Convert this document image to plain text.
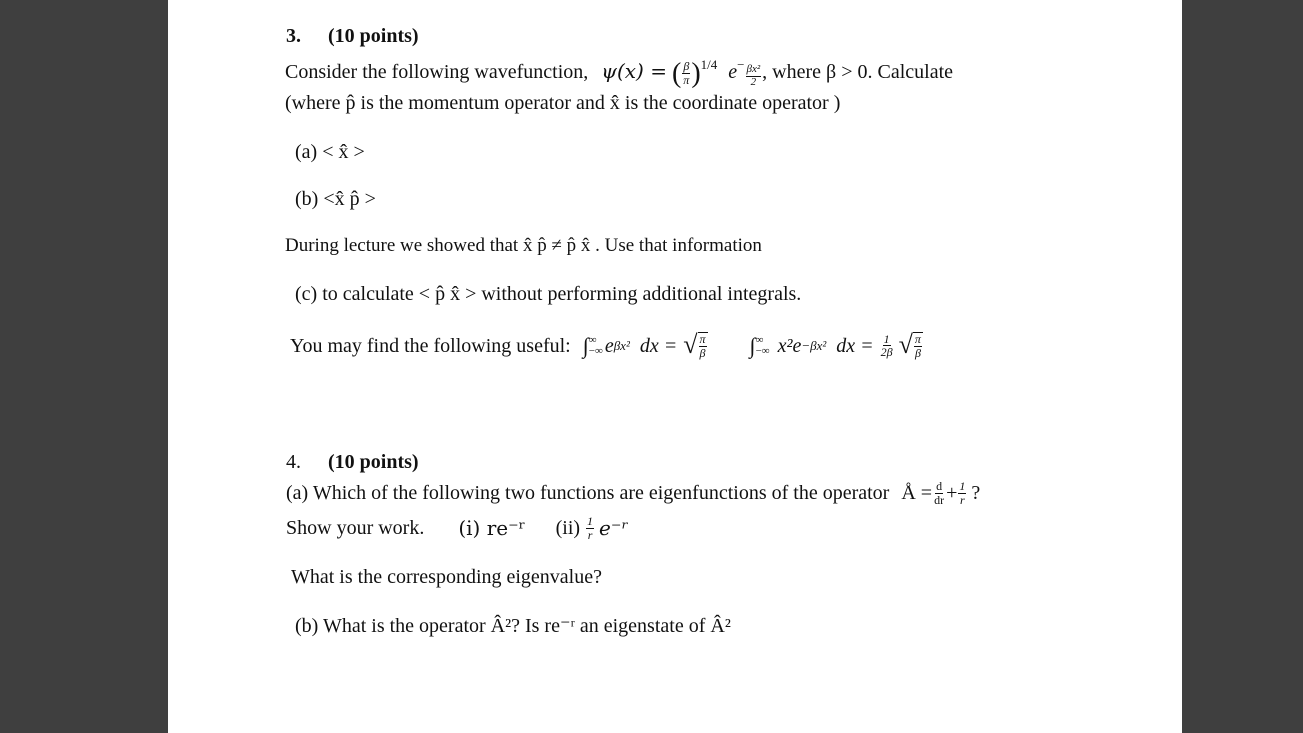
3. (10 points)
Consider the following wavefunction, ψ(x) = ( $\frac{\beta}{\pi} )^{1/4}$ $e^- \frac{\text{βx²}}{2}$ , where β > 0. Calculate
(where p̂ is the momentum operator and x̂ is the coordinate operator )
(a) < x̂ >
(b) <x̂ p̂ >
During lecture we showed that x̂ p̂ ≠ p̂ x̂ . Use that information
(c) to calculate < p̂ x̂ > without performing additional integrals.
You may find the following useful: ∫ ∞
−∞ e βx² dx = √ $\frac{\pi}{\beta}$ ∫ ∞
−∞ x²e −βx² dx = $\frac{1}{2\beta}$ √ $\frac{\pi}{\beta}$
4. (10 points)
(a) Which of the following two functions are eigenfunctions of the operator Å = $\frac{d}{dr} + \frac{1}{r}$ ?
Show your work. (i) re⁻ʳ $(ii) \frac{1}{r}$ e⁻ʳ
What is the corresponding eigenvalue?
(b) What is the operator Â²? Is re⁻ʳ an eigenstate of Â²
